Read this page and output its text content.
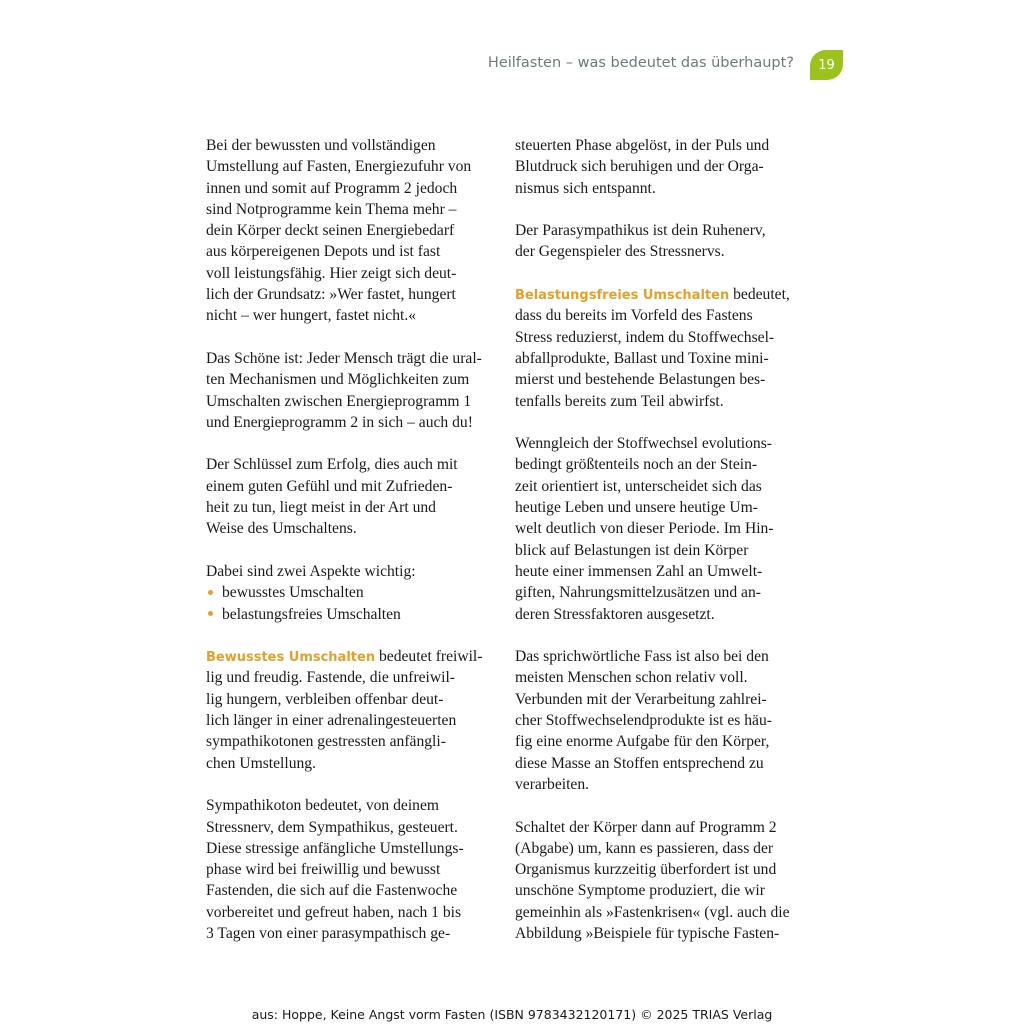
Heilfasten – was bedeutet das überhaupt? 19
Bei der bewussten und vollständigen
Umstellung auf Fasten, Energiezufuhr von
innen und somit auf Programm 2 jedoch
sind Notprogramme kein Thema mehr –
dein Körper deckt seinen Energiebedarf
aus körpereigenen Depots und ist fast
voll leistungsfähig. Hier zeigt sich deut-
lich der Grundsatz: »Wer fastet, hungert
nicht – wer hungert, fastet nicht.«
Das Schöne ist: Jeder Mensch trägt die ural-
ten Mechanismen und Möglichkeiten zum
Umschalten zwischen Energieprogramm 1
und Energieprogramm 2 in sich – auch du!
Der Schlüssel zum Erfolg, dies auch mit
einem guten Gefühl und mit Zufrieden-
heit zu tun, liegt meist in der Art und
Weise des Umschaltens.
Dabei sind zwei Aspekte wichtig:
bewusstes Umschalten
belastungsfreies Umschalten
Bewusstes Umschalten bedeutet freiwil-
lig und freudig. Fastende, die unfreiwil-
lig hungern, verbleiben offenbar deut-
lich länger in einer adrenalingesteuerten
sympathikotonen gestressten anfängli-
chen Umstellung.
Sympathikoton bedeutet, von deinem
Stressnerv, dem Sympathikus, gesteuert.
Diese stressige anfängliche Umstellungs-
phase wird bei freiwillig und bewusst
Fastenden, die sich auf die Fastenwoche
vorbereitet und gefreut haben, nach 1 bis
3 Tagen von einer parasympathisch ge-
steuerten Phase abgelöst, in der Puls und
Blutdruck sich beruhigen und der Orga-
nismus sich entspannt.
Der Parasympathikus ist dein Ruhenerv,
der Gegenspieler des Stressnervs.
Belastungsfreies Umschalten bedeutet,
dass du bereits im Vorfeld des Fastens
Stress reduzierst, indem du Stoffwechsel-
abfallprodukte, Ballast und Toxine mini-
mierst und bestehende Belastungen bes-
tenfalls bereits zum Teil abwirfst.
Wenngleich der Stoffwechsel evolutions-
bedingt größtenteils noch an der Stein-
zeit orientiert ist, unterscheidet sich das
heutige Leben und unsere heutige Um-
welt deutlich von dieser Periode. Im Hin-
blick auf Belastungen ist dein Körper
heute einer immensen Zahl an Umwelt-
giften, Nahrungsmittelzusätzen und an-
deren Stressfaktoren ausgesetzt.
Das sprichwörtliche Fass ist also bei den
meisten Menschen schon relativ voll.
Verbunden mit der Verarbeitung zahlrei-
cher Stoffwechselendprodukte ist es häu-
fig eine enorme Aufgabe für den Körper,
diese Masse an Stoffen entsprechend zu
verarbeiten.
Schaltet der Körper dann auf Programm 2
(Abgabe) um, kann es passieren, dass der
Organismus kurzzeitig überfordert ist und
unschöne Symptome produziert, die wir
gemeinhin als »Fastenkrisen« (vgl. auch die
Abbildung »Beispiele für typische Fasten-
aus: Hoppe, Keine Angst vorm Fasten (ISBN 9783432120171) © 2025 TRIAS Verlag
